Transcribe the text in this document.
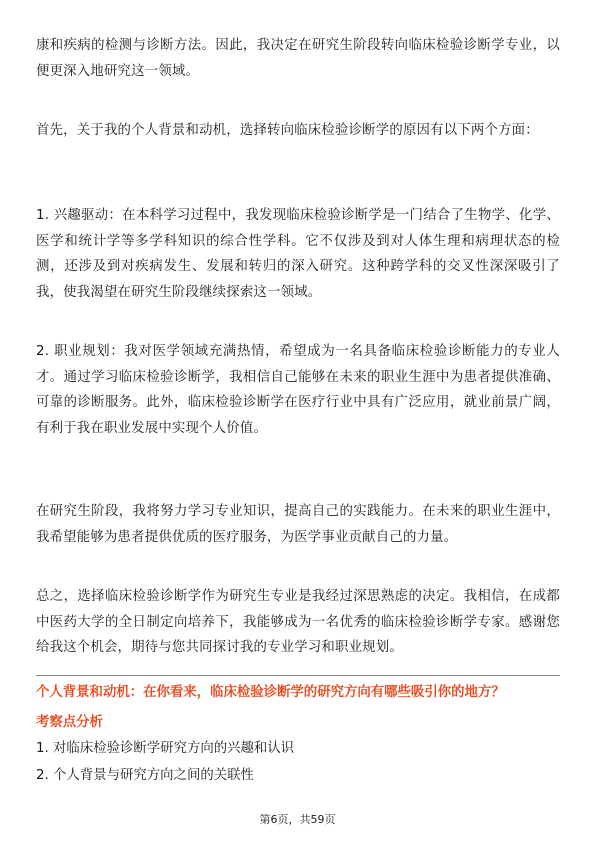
康和疾病的检测与诊断方法。因此，我决定在研究生阶段转向临床检验诊断学专业，以便更深入地研究这一领域。

首先，关于我的个人背景和动机，选择转向临床检验诊断学的原因有以下两个方面：

1. 兴趣驱动：在本科学习过程中，我发现临床检验诊断学是一门结合了生物学、化学、医学和统计学等多学科知识的综合性学科。它不仅涉及到对人体生理和病理状态的检测，还涉及到对疾病发生、发展和转归的深入研究。这种跨学科的交叉性深深吸引了我，使我渴望在研究生阶段继续探索这一领域。

2. 职业规划：我对医学领域充满热情，希望成为一名具备临床检验诊断能力的专业人才。通过学习临床检验诊断学，我相信自己能够在未来的职业生涯中为患者提供准确、可靠的诊断服务。此外，临床检验诊断学在医疗行业中具有广泛应用，就业前景广阔，有利于我在职业发展中实现个人价值。

在研究生阶段，我将努力学习专业知识，提高自己的实践能力。在未来的职业生涯中，我希望能够为患者提供优质的医疗服务，为医学事业贡献自己的力量。

总之，选择临床检验诊断学作为研究生专业是我经过深思熟虑的决定。我相信，在成都中医药大学的全日制定向培养下，我能够成为一名优秀的临床检验诊断学专家。感谢您给我这个机会，期待与您共同探讨我的专业学习和职业规划。

个人背景和动机：在你看来，临床检验诊断学的研究方向有哪些吸引你的地方？

考察点分析

1. 对临床检验诊断学研究方向的兴趣和认识

2. 个人背景与研究方向之间的关联性

第6页，共59页
